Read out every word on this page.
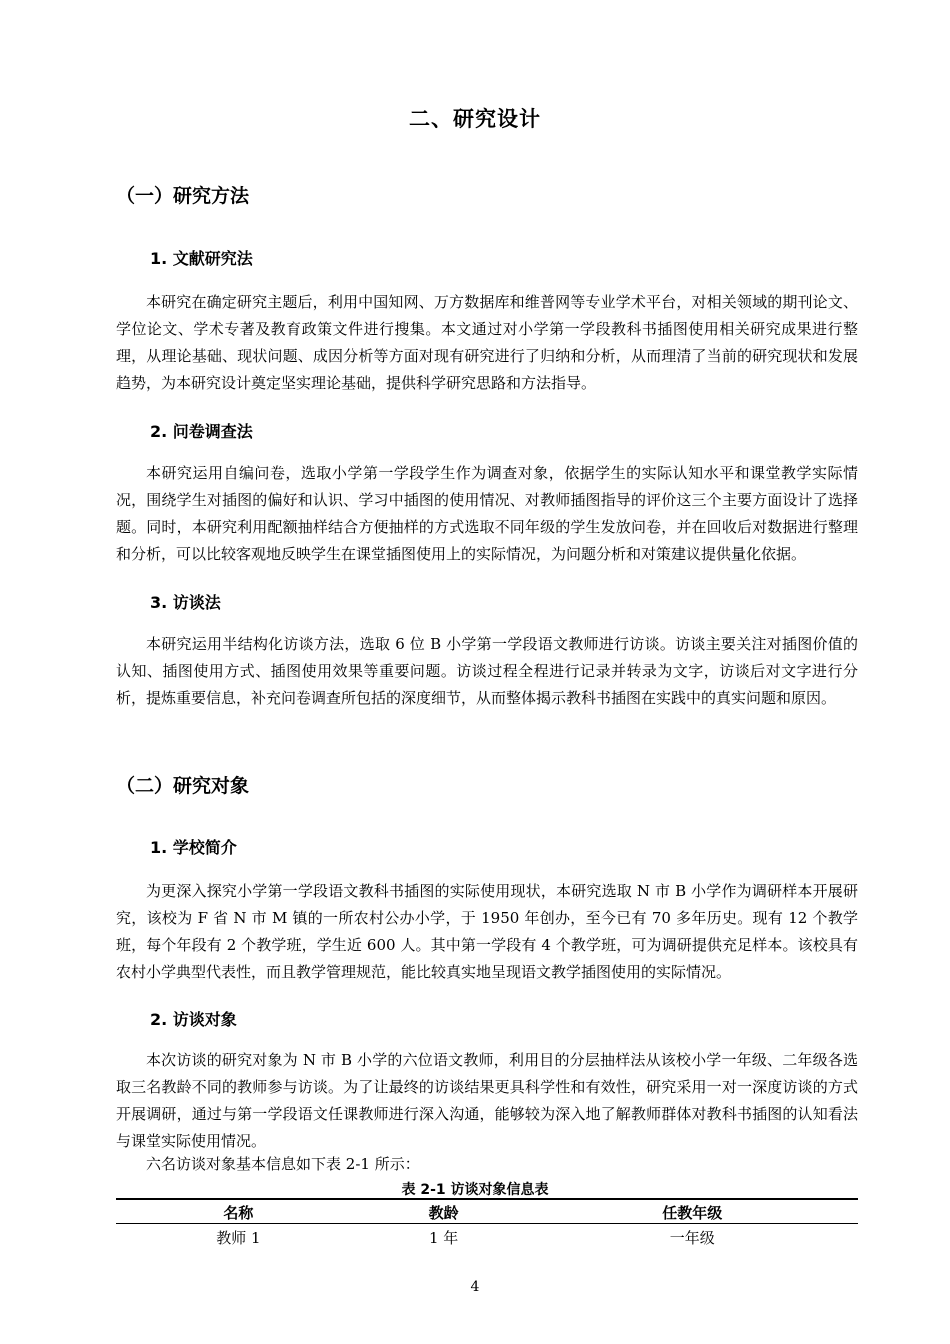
二、研究设计
（一）研究方法
1. 文献研究法

本研究在确定研究主题后，利用中国知网、万方数据库和维普网等专业学术平台，对相关领域的期刊论文、学位论文、学术专著及教育政策文件进行搜集。本文通过对小学第一学段教科书插图使用相关研究成果进行整理，从理论基础、现状问题、成因分析等方面对现有研究进行了归纳和分析，从而理清了当前的研究现状和发展趋势，为本研究设计奠定坚实理论基础，提供科学研究思路和方法指导。

2. 问卷调查法

本研究运用自编问卷，选取小学第一学段学生作为调查对象，依据学生的实际认知水平和课堂教学实际情况，围绕学生对插图的偏好和认识、学习中插图的使用情况、对教师插图指导的评价这三个主要方面设计了选择题。同时，本研究利用配额抽样结合方便抽样的方式选取不同年级的学生发放问卷，并在回收后对数据进行整理和分析，可以比较客观地反映学生在课堂插图使用上的实际情况，为问题分析和对策建议提供量化依据。

3. 访谈法

本研究运用半结构化访谈方法，选取 6 位 B 小学第一学段语文教师进行访谈。访谈主要关注对插图价值的认知、插图使用方式、插图使用效果等重要问题。访谈过程全程进行记录并转录为文字，访谈后对文字进行分析，提炼重要信息，补充问卷调查所包括的深度细节，从而整体揭示教科书插图在实践中的真实问题和原因。

（二）研究对象
1. 学校简介

为更深入探究小学第一学段语文教科书插图的实际使用现状，本研究选取 N 市 B 小学作为调研样本开展研究，该校为 F 省 N 市 M 镇的一所农村公办小学，于 1950 年创办，至今已有 70 多年历史。现有 12 个教学班，每个年段有 2 个教学班，学生近 600 人。其中第一学段有 4 个教学班，可为调研提供充足样本。该校具有农村小学典型代表性，而且教学管理规范，能比较真实地呈现语文教学插图使用的实际情况。

2. 访谈对象

本次访谈的研究对象为 N 市 B 小学的六位语文教师，利用目的分层抽样法从该校小学一年级、二年级各选取三名教龄不同的教师参与访谈。为了让最终的访谈结果更具科学性和有效性，研究采用一对一深度访谈的方式开展调研，通过与第一学段语文任课教师进行深入沟通，能够较为深入地了解教师群体对教科书插图的认知看法与课堂实际使用情况。

六名访谈对象基本信息如下表 2-1 所示：

表 2-1 访谈对象信息表
名称	教龄	任教年级
教师 1	1 年	一年级
4
